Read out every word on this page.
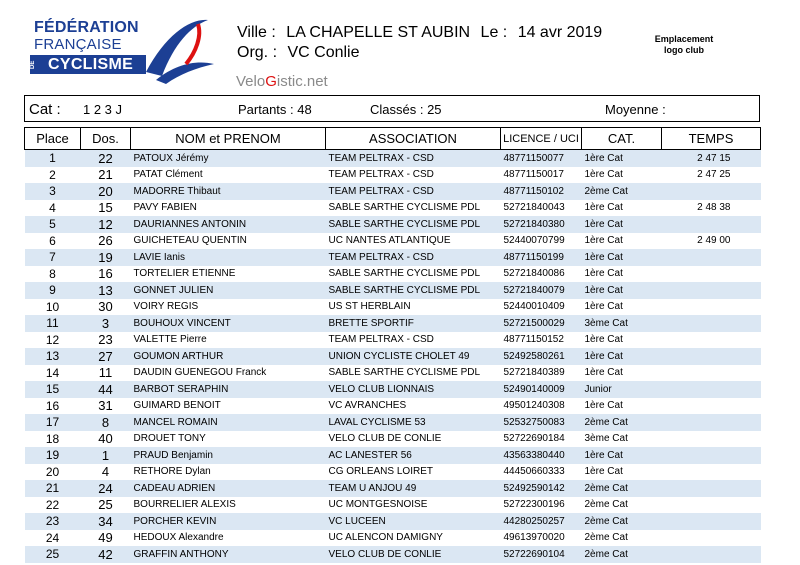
FÉDÉRATION
FRANÇAISE
DE CYCLISME
Ville : LA CHAPELLE ST AUBIN Le : 14 avr 2019
Org. : VC Conlie
VeloGistic.net
Emplacement logo club
Cat : 1 2 3 J	Partants : 48	Classés : 25	Moyenne :
Place	Dos.	NOM et PRENOM	ASSOCIATION	LICENCE / UCI	CAT.	TEMPS
1	22	PATOUX Jérémy	TEAM PELTRAX - CSD	48771150077	1ère Cat	2 47 15
2	21	PATAT Clément	TEAM PELTRAX - CSD	48771150017	1ère Cat	2 47 25
3	20	MADORRE Thibaut	TEAM PELTRAX - CSD	48771150102	2ème Cat	
4	15	PAVY FABIEN	SABLE SARTHE CYCLISME PDL	52721840043	1ère Cat	2 48 38
5	12	DAURIANNES ANTONIN	SABLE SARTHE CYCLISME PDL	52721840380	1ère Cat	
6	26	GUICHETEAU QUENTIN	UC NANTES ATLANTIQUE	52440070799	1ère Cat	2 49 00
7	19	LAVIE Ianis	TEAM PELTRAX - CSD	48771150199	1ère Cat	
8	16	TORTELIER ETIENNE	SABLE SARTHE CYCLISME PDL	52721840086	1ère Cat	
9	13	GONNET JULIEN	SABLE SARTHE CYCLISME PDL	52721840079	1ère Cat	
10	30	VOIRY REGIS	US ST HERBLAIN	52440010409	1ère Cat	
11	3	BOUHOUX VINCENT	BRETTE SPORTIF	52721500029	3ème Cat	
12	23	VALETTE Pierre	TEAM PELTRAX - CSD	48771150152	1ère Cat	
13	27	GOUMON ARTHUR	UNION CYCLISTE CHOLET 49	52492580261	1ère Cat	
14	11	DAUDIN GUENEGOU Franck	SABLE SARTHE CYCLISME PDL	52721840389	1ère Cat	
15	44	BARBOT SERAPHIN	VELO CLUB LIONNAIS	52490140009	Junior	
16	31	GUIMARD BENOIT	VC AVRANCHES	49501240308	1ère Cat	
17	8	MANCEL ROMAIN	LAVAL CYCLISME 53	52532750083	2ème Cat	
18	40	DROUET TONY	VELO CLUB DE CONLIE	52722690184	3ème Cat	
19	1	PRAUD Benjamin	AC LANESTER 56	43563380440	1ère Cat	
20	4	RETHORE Dylan	CG ORLEANS LOIRET	44450660333	1ère Cat	
21	24	CADEAU ADRIEN	TEAM U ANJOU 49	52492590142	2ème Cat	
22	25	BOURRELIER ALEXIS	UC MONTGESNOISE	52722300196	2ème Cat	
23	34	PORCHER KEVIN	VC LUCEEN	44280250257	2ème Cat	
24	49	HEDOUX Alexandre	UC ALENCON DAMIGNY	49613970020	2ème Cat	
25	42	GRAFFIN ANTHONY	VELO CLUB DE CONLIE	52722690104	2ème Cat	
